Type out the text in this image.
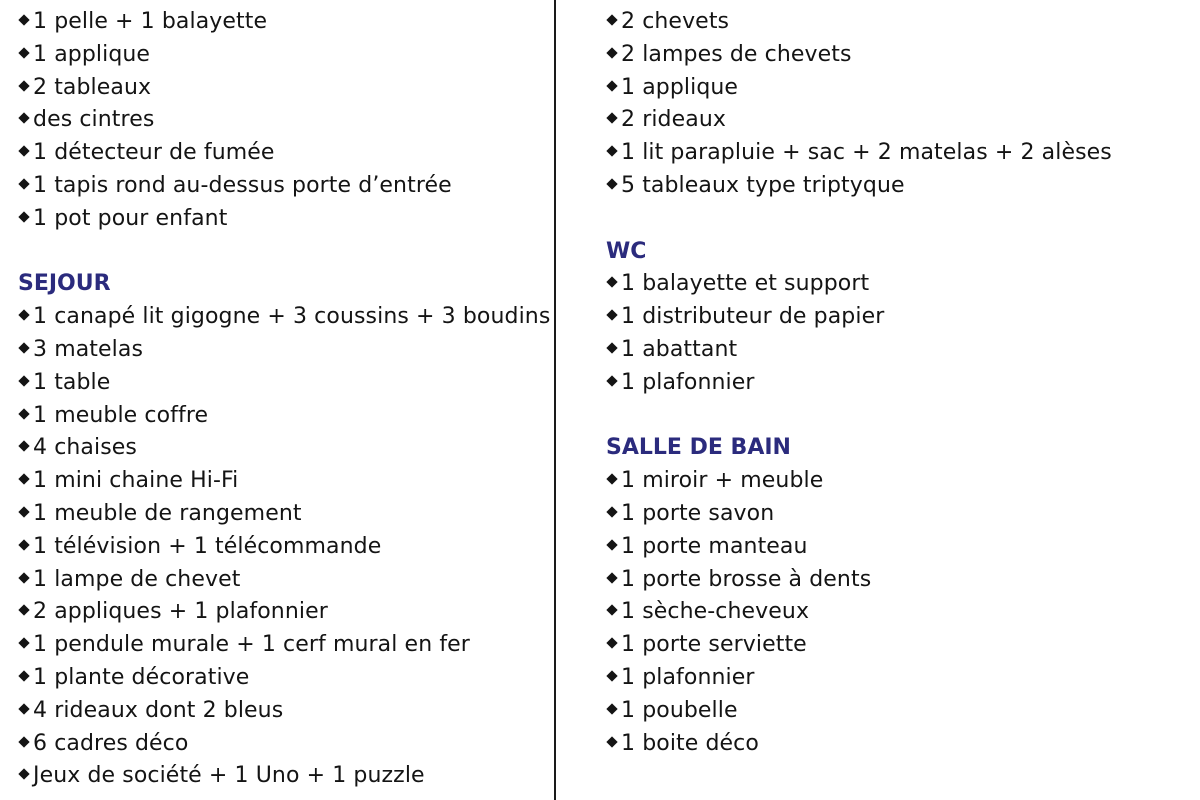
1 pelle + 1 balayette
1 applique
2 tableaux
des cintres
1 détecteur de fumée
1 tapis rond au-dessus porte d’entrée
1 pot pour enfant
SEJOUR
1 canapé lit gigogne + 3 coussins + 3 boudins
3 matelas
1 table
1 meuble coffre
4 chaises
1 mini chaine Hi-Fi
1 meuble de rangement
1 télévision + 1 télécommande
1 lampe de chevet
2 appliques + 1 plafonnier
1 pendule murale + 1 cerf mural en fer
1 plante décorative
4 rideaux dont 2 bleus
6 cadres déco
Jeux de société + 1 Uno + 1 puzzle
2 chevets
2 lampes de chevets
1 applique
2 rideaux
1 lit parapluie + sac + 2 matelas + 2 alèses
5 tableaux type triptyque
WC
1 balayette et support
1 distributeur de papier
1 abattant
1 plafonnier
SALLE DE BAIN
1 miroir + meuble
1 porte savon
1 porte manteau
1 porte brosse à dents
1 sèche-cheveux
1 porte serviette
1 plafonnier
1 poubelle
1 boite déco
